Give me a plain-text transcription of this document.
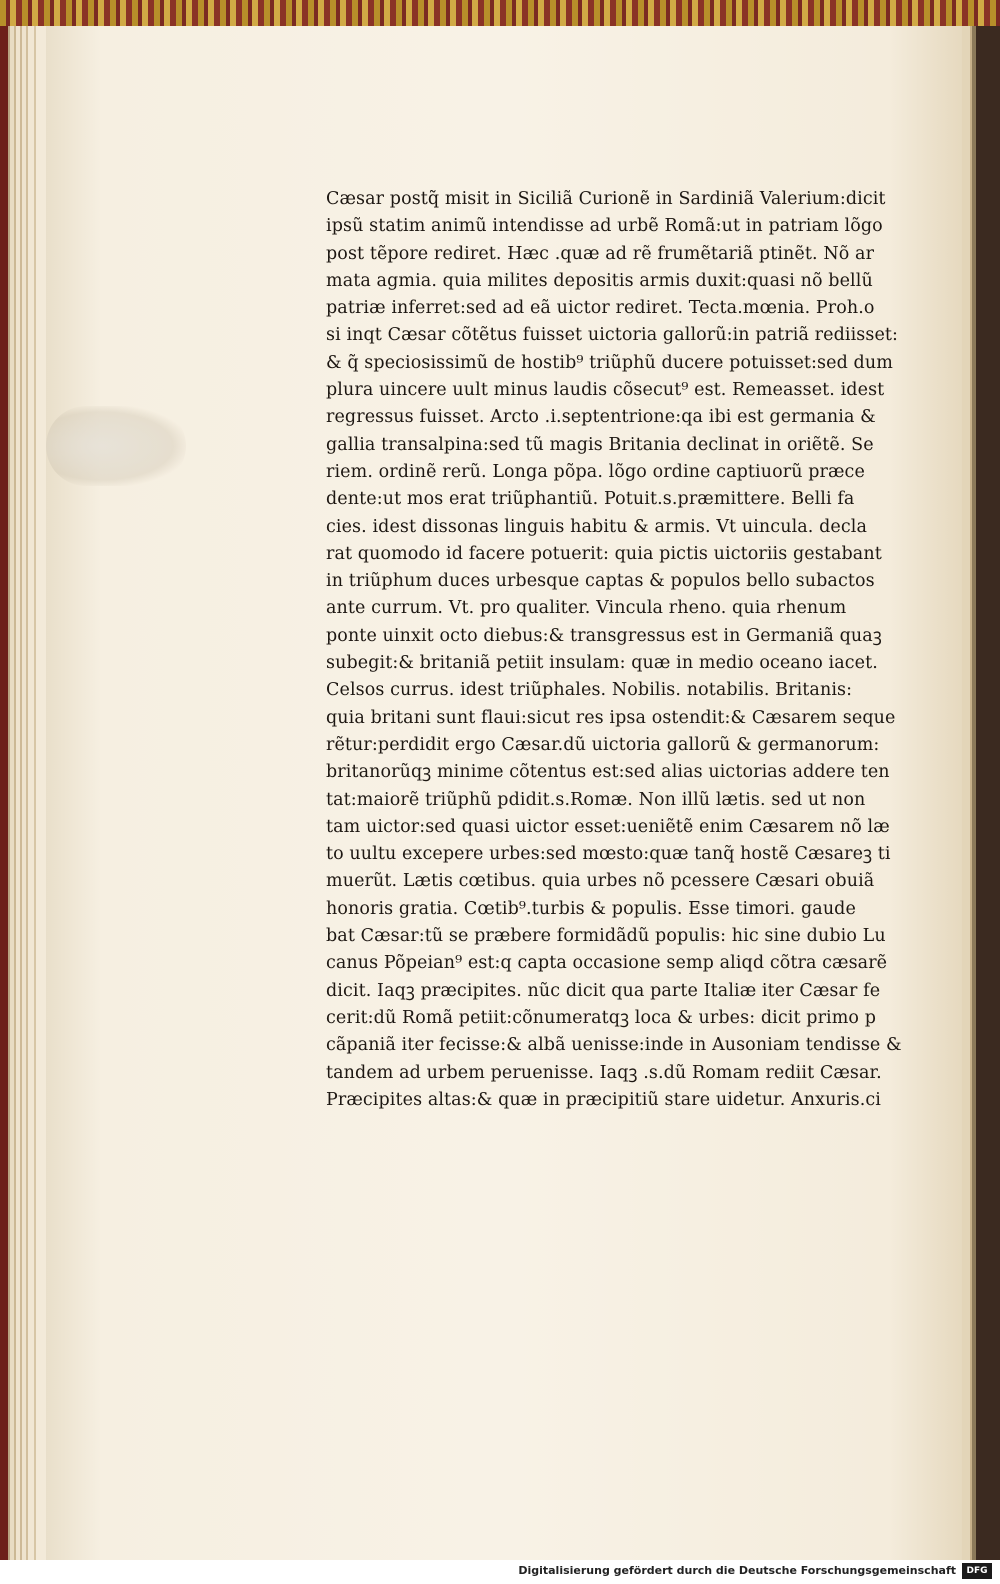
Cæsar postq̃ misit in Siciliã Curionẽ in Sardiniã Valerium:dicit
ipsũ statim animũ intendisse ad urbẽ Romã:ut in patriam lõgo
post tẽpore rediret. Hæc .quæ ad rẽ frumẽtariã ptinẽt. Nõ ar
mata agmia. quia milites depositis armis duxit:quasi nõ bellũ
patriæ inferret:sed ad eã uictor rediret. Tecta.mœnia. Proh.o
si inqt Cæsar cõtẽtus fuisset uictoria gallorũ:in patriã rediisset:
& q̃ speciosissimũ de hostib⁹ triũphũ ducere potuisset:sed dum
plura uincere uult minus laudis cõsecut⁹ est. Remeasset. idest
regressus fuisset. Arcto .i.septentrione:qa ibi est germania &
gallia transalpina:sed tũ magis Britania declinat in oriẽtẽ. Se
riem. ordinẽ rerũ. Longa põpa. lõgo ordine captiuorũ præce
dente:ut mos erat triũphantiũ. Potuit.s.præmittere. Belli fa
cies. idest dissonas linguis habitu & armis. Vt uincula. decla
rat quomodo id facere potuerit: quia pictis uictoriis gestabant
in triũphum duces urbesque captas & populos bello subactos
ante currum. Vt. pro qualiter. Vincula rheno. quia rhenum
ponte uinxit octo diebus:& transgressus est in Germaniã quaꝫ
subegit:& britaniã petiit insulam: quæ in medio oceano iacet.
Celsos currus. idest triũphales. Nobilis. notabilis. Britanis:
quia britani sunt flaui:sicut res ipsa ostendit:& Cæsarem seque
rẽtur:perdidit ergo Cæsar.dũ uictoria gallorũ & germanorum:
britanorũqꝫ minime cõtentus est:sed alias uictorias addere ten
tat:maiorẽ triũphũ pdidit.s.Romæ. Non illũ lætis. sed ut non
tam uictor:sed quasi uictor esset:ueniẽtẽ enim Cæsarem nõ læ
to uultu excepere urbes:sed mœsto:quæ tanq̃ hostẽ Cæsareꝫ ti
muerũt. Lætis cœtibus. quia urbes nõ pcessere Cæsari obuiã
honoris gratia. Cœtib⁹.turbis & populis. Esse timori. gaude
bat Cæsar:tũ se præbere formidãdũ populis: hic sine dubio Lu
canus Põpeian⁹ est:q capta occasione semp aliqd cõtra cæsarẽ
dicit. Iaqꝫ præcipites. nũc dicit qua parte Italiæ iter Cæsar fe
cerit:dũ Romã petiit:cõnumeratqꝫ loca & urbes: dicit primo p
cãpaniã iter fecisse:& albã uenisse:inde in Ausoniam tendisse &
tandem ad urbem peruenisse. Iaqꝫ .s.dũ Romam rediit Cæsar.
Præcipites altas:& quæ in præcipitiũ stare uidetur. Anxuris.ci
Digitalisierung gefördert durch die Deutsche Forschungsgemeinschaft	DFG
